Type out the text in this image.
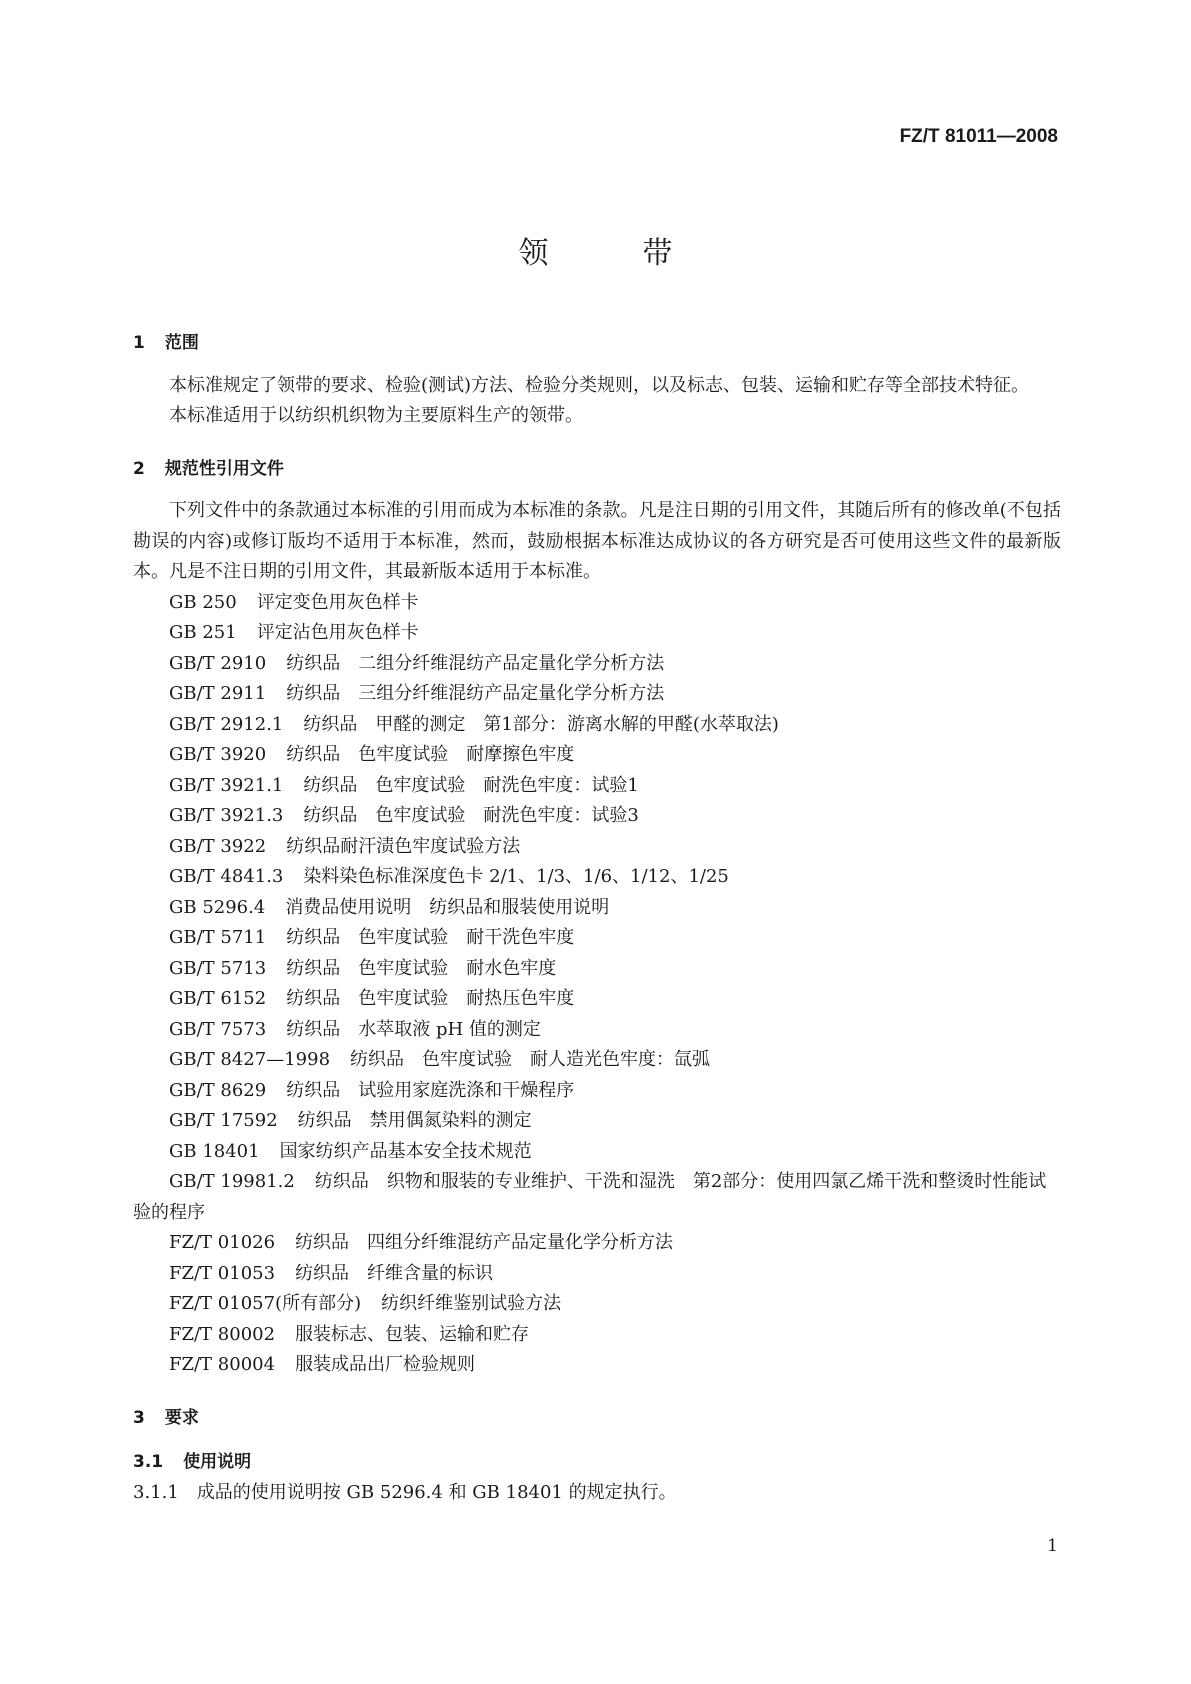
FZ/T 81011—2008
领　带
1 范围

本标准规定了领带的要求、检验(测试)方法、检验分类规则，以及标志、包装、运输和贮存等全部技术特征。

本标准适用于以纺织机织物为主要原料生产的领带。

2 规范性引用文件

下列文件中的条款通过本标准的引用而成为本标准的条款。凡是注日期的引用文件，其随后所有的修改单(不包括勘误的内容)或修订版均不适用于本标准，然而，鼓励根据本标准达成协议的各方研究是否可使用这些文件的最新版本。凡是不注日期的引用文件，其最新版本适用于本标准。

GB 250 评定变色用灰色样卡
GB 251 评定沾色用灰色样卡
GB/T 2910 纺织品　二组分纤维混纺产品定量化学分析方法
GB/T 2911 纺织品　三组分纤维混纺产品定量化学分析方法
GB/T 2912.1 纺织品　甲醛的测定　第1部分：游离水解的甲醛(水萃取法)
GB/T 3920 纺织品　色牢度试验　耐摩擦色牢度
GB/T 3921.1 纺织品　色牢度试验　耐洗色牢度：试验1
GB/T 3921.3 纺织品　色牢度试验　耐洗色牢度：试验3
GB/T 3922 纺织品耐汗渍色牢度试验方法
GB/T 4841.3 染料染色标准深度色卡 2/1、1/3、1/6、1/12、1/25
GB 5296.4 消费品使用说明　纺织品和服装使用说明
GB/T 5711 纺织品　色牢度试验　耐干洗色牢度
GB/T 5713 纺织品　色牢度试验　耐水色牢度
GB/T 6152 纺织品　色牢度试验　耐热压色牢度
GB/T 7573 纺织品　水萃取液 pH 值的测定
GB/T 8427—1998 纺织品　色牢度试验　耐人造光色牢度：氙弧
GB/T 8629 纺织品　试验用家庭洗涤和干燥程序
GB/T 17592 纺织品　禁用偶氮染料的测定
GB 18401 国家纺织产品基本安全技术规范
GB/T 19981.2 纺织品　织物和服装的专业维护、干洗和湿洗　第2部分：使用四氯乙烯干洗和整烫时性能试验的程序
FZ/T 01026 纺织品　四组分纤维混纺产品定量化学分析方法
FZ/T 01053 纺织品　纤维含量的标识
FZ/T 01057(所有部分) 纺织纤维鉴别试验方法
FZ/T 80002 服装标志、包装、运输和贮存
FZ/T 80004 服装成品出厂检验规则
3 要求
3.1 使用说明

3.1.1 成品的使用说明按 GB 5296.4 和 GB 18401 的规定执行。

1
